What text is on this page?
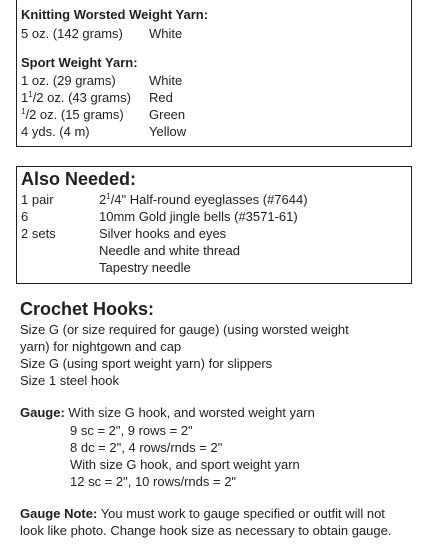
Knitting Worsted Weight Yarn:
5 oz. (142 grams) White
Sport Weight Yarn:
1 oz. (29 grams)	White
$1^1/2$ oz. (43 grams) Red
$^1$/2 oz. (15 grams) Green
4 yds. (4 m)	Yellow
Also Needed:
1 pair	$2^1/4$" Half-round eyeglasses (#7644)
6	10mm Gold jingle bells (#3571-61)
2 sets	Silver hooks and eyes
Needle and white thread
Tapestry needle
Crochet Hooks:
Size G (or size required for gauge) (using worsted weight
yarn) for nightgown and cap
Size G (using sport weight yarn) for slippers
Size 1 steel hook
Gauge: With size G hook, and worsted weight yarn
9 sc = 2", 9 rows = 2"
8 dc = 2", 4 rows/rnds = 2"
With size G hook, and sport weight yarn
12 sc = 2", 10 rows/rnds = 2"
Gauge Note: You must work to gauge specified or outfit will not
look like photo. Change hook size as necessary to obtain gauge.
